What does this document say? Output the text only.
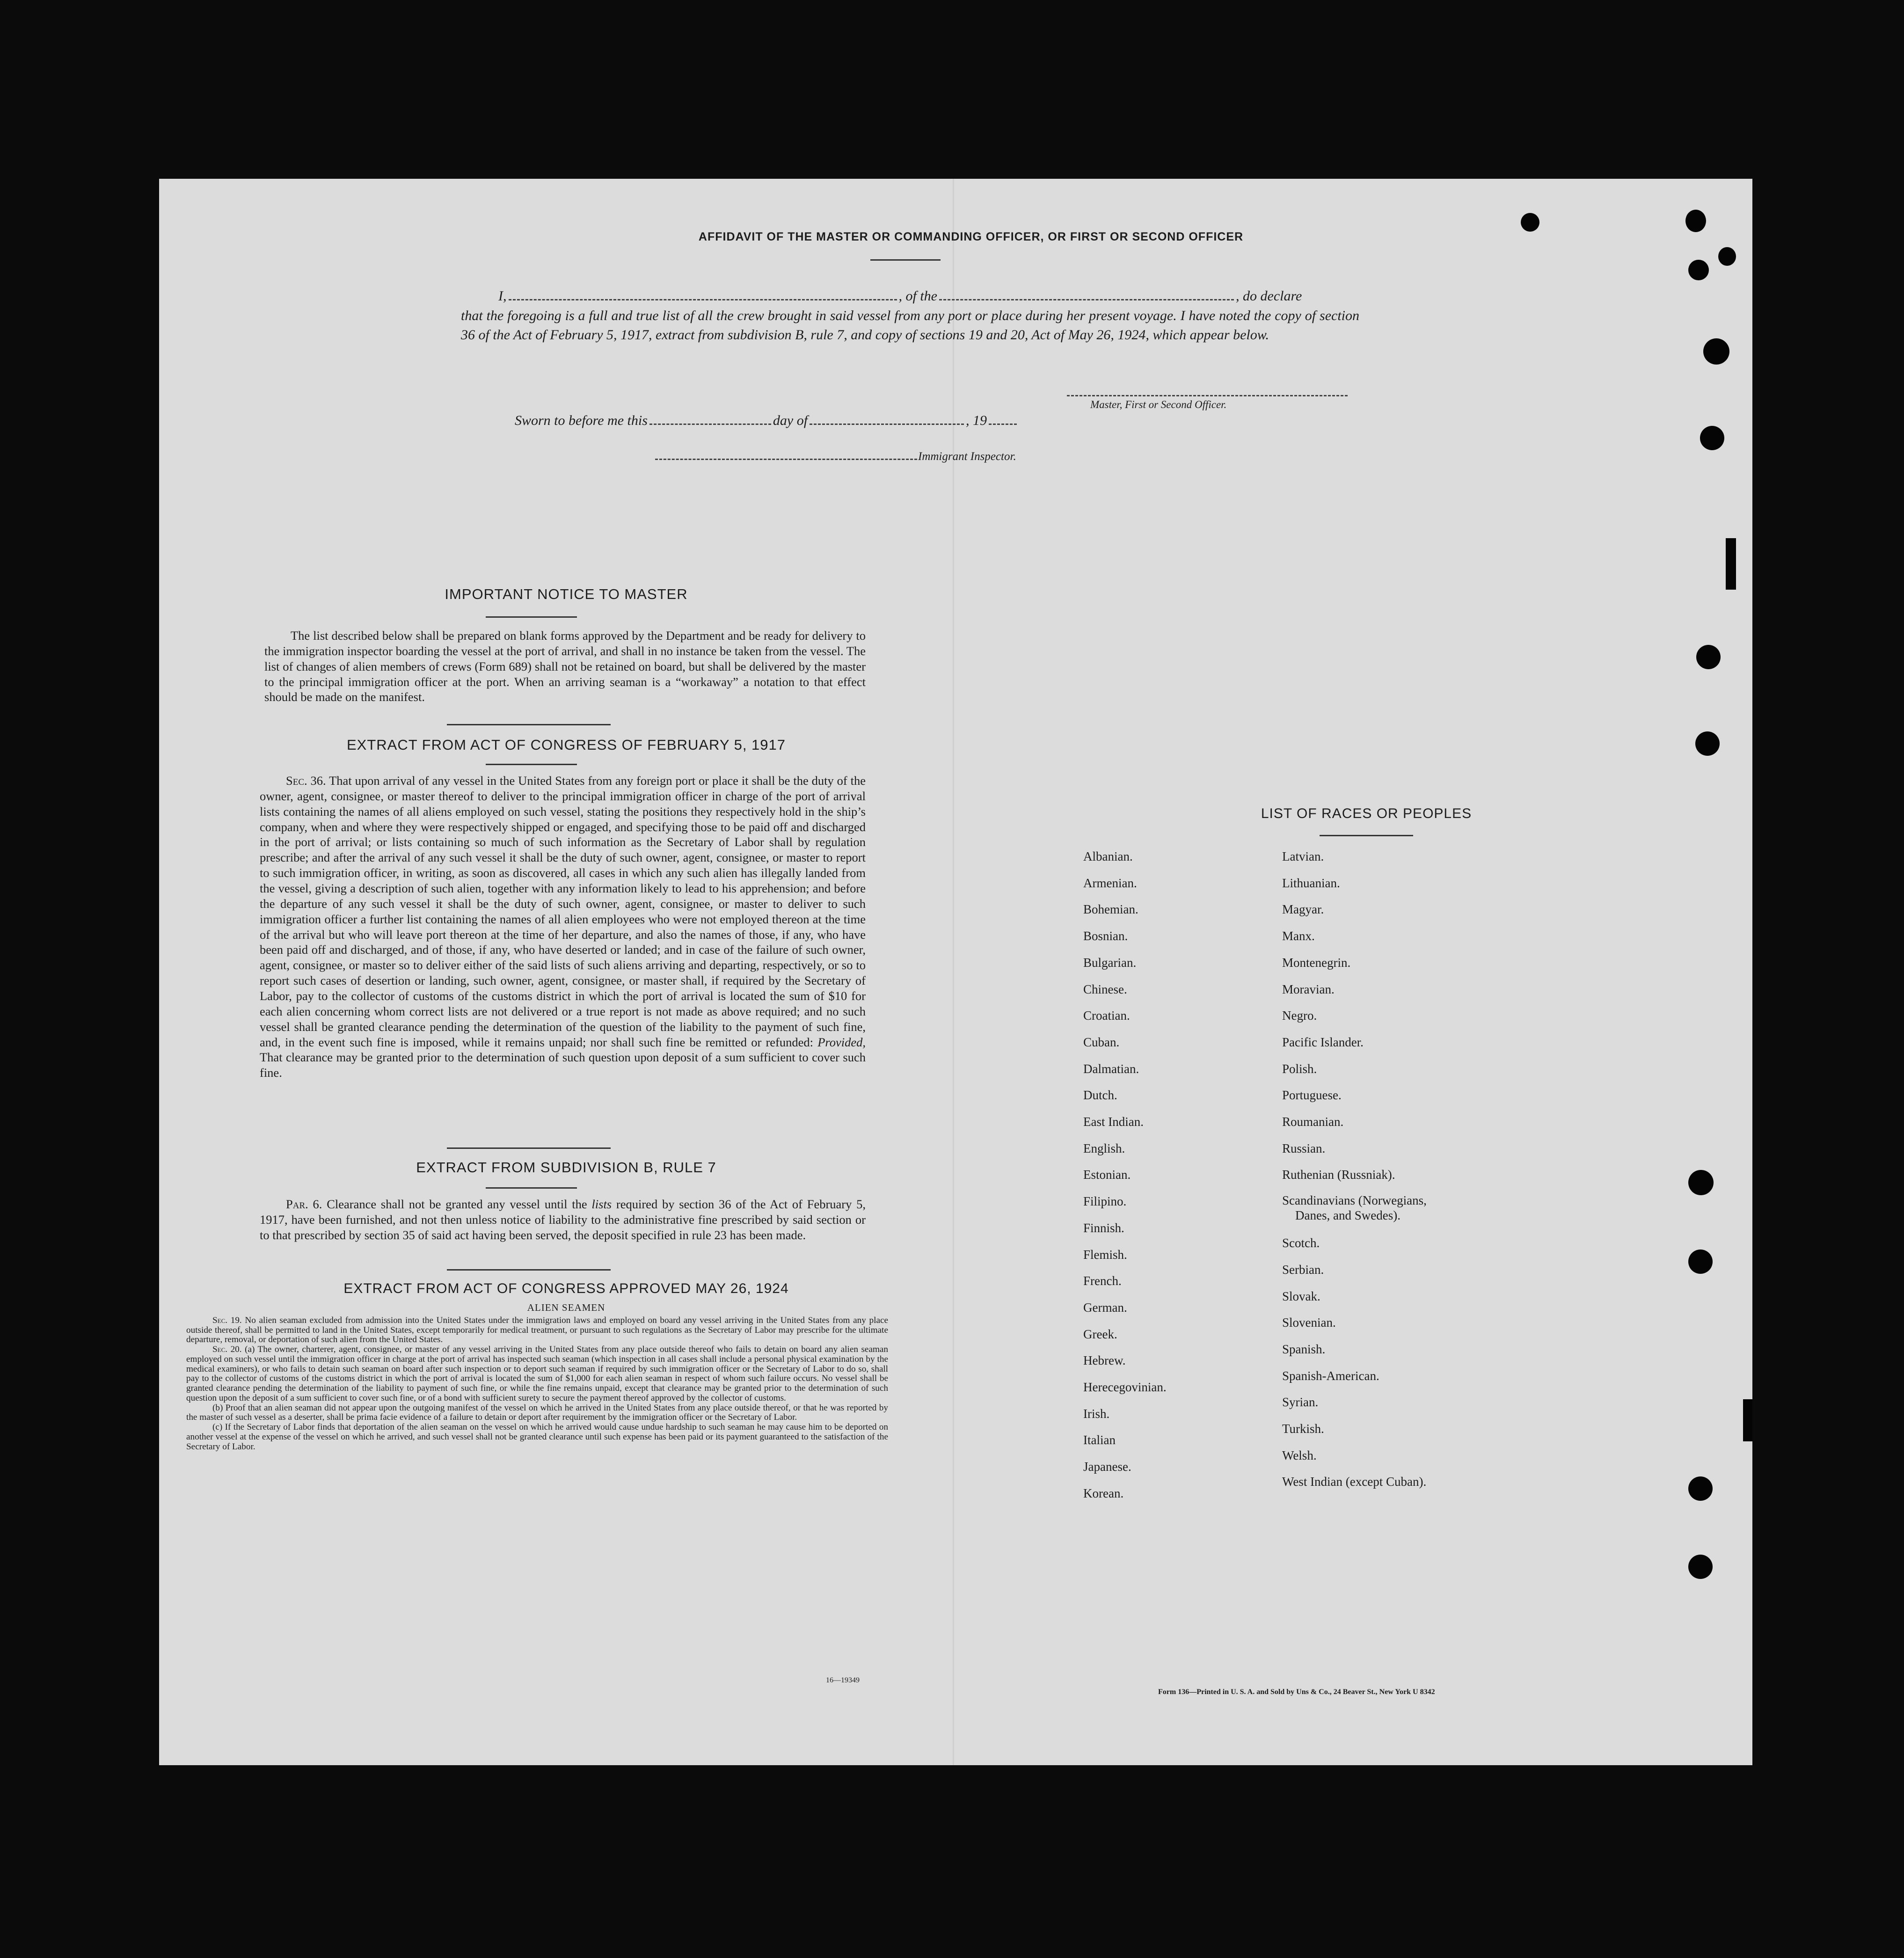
AFFIDAVIT OF THE MASTER OR COMMANDING OFFICER, OR FIRST OR SECOND OFFICER
I,	, of the	, do declare
that the foregoing is a full and true list of all the crew brought in said vessel from any port or place during her present voyage. I have noted the copy of section 36 of the Act of February 5, 1917, extract from subdivision B, rule 7, and copy of sections 19 and 20, Act of May 26, 1924, which appear below.
Master, First or Second Officer.
Sworn to before me this	day of	, 19
Immigrant Inspector.
IMPORTANT NOTICE TO MASTER
The list described below shall be prepared on blank forms approved by the Department and be ready for delivery to the immigration inspector boarding the vessel at the port of arrival, and shall in no instance be taken from the vessel. The list of changes of alien members of crews (Form 689) shall not be retained on board, but shall be delivered by the master to the principal immigration officer at the port. When an arriving seaman is a “workaway” a notation to that effect should be made on the manifest.
EXTRACT FROM ACT OF CONGRESS OF FEBRUARY 5, 1917
Sec. 36. That upon arrival of any vessel in the United States from any foreign port or place it shall be the duty of the owner, agent, consignee, or master thereof to deliver to the principal immigration officer in charge of the port of arrival lists containing the names of all aliens employed on such vessel, stating the positions they respectively hold in the ship’s company, when and where they were respectively shipped or engaged, and specifying those to be paid off and discharged in the port of arrival; or lists containing so much of such information as the Secretary of Labor shall by regulation prescribe; and after the arrival of any such vessel it shall be the duty of such owner, agent, consignee, or master to report to such immigration officer, in writing, as soon as discovered, all cases in which any such alien has illegally landed from the vessel, giving a description of such alien, together with any information likely to lead to his apprehension; and before the departure of any such vessel it shall be the duty of such owner, agent, consignee, or master to deliver to such immigration officer a further list containing the names of all alien employees who were not employed thereon at the time of the arrival but who will leave port thereon at the time of her departure, and also the names of those, if any, who have been paid off and discharged, and of those, if any, who have deserted or landed; and in case of the failure of such owner, agent, consignee, or master so to deliver either of the said lists of such aliens arriving and departing, respectively, or so to report such cases of desertion or landing, such owner, agent, consignee, or master shall, if required by the Secretary of Labor, pay to the collector of customs of the customs district in which the port of arrival is located the sum of $10 for each alien concerning whom correct lists are not delivered or a true report is not made as above required; and no such vessel shall be granted clearance pending the determination of the question of the liability to the payment of such fine, and, in the event such fine is imposed, while it remains unpaid; nor shall such fine be remitted or refunded: Provided, That clearance may be granted prior to the determination of such question upon deposit of a sum sufficient to cover such fine.
EXTRACT FROM SUBDIVISION B, RULE 7
Par. 6. Clearance shall not be granted any vessel until the lists required by section 36 of the Act of February 5, 1917, have been furnished, and not then unless notice of liability to the administrative fine prescribed by said section or to that prescribed by section 35 of said act having been served, the deposit specified in rule 23 has been made.
EXTRACT FROM ACT OF CONGRESS APPROVED MAY 26, 1924
ALIEN SEAMEN
Sec. 19. No alien seaman excluded from admission into the United States under the immigration laws and employed on board any vessel arriving in the United States from any place outside thereof, shall be permitted to land in the United States, except temporarily for medical treatment, or pursuant to such regulations as the Secretary of Labor may prescribe for the ultimate departure, removal, or deportation of such alien from the United States.
Sec. 20. (a) The owner, charterer, agent, consignee, or master of any vessel arriving in the United States from any place outside thereof who fails to detain on board any alien seaman employed on such vessel until the immigration officer in charge at the port of arrival has inspected such seaman (which inspection in all cases shall include a personal physical examination by the medical examiners), or who fails to detain such seaman on board after such inspection or to deport such seaman if required by such immigration officer or the Secretary of Labor to do so, shall pay to the collector of customs of the customs district in which the port of arrival is located the sum of $1,000 for each alien seaman in respect of whom such failure occurs. No vessel shall be granted clearance pending the determination of the liability to payment of such fine, or while the fine remains unpaid, except that clearance may be granted prior to the determination of such question upon the deposit of a sum sufficient to cover such fine, or of a bond with sufficient surety to secure the payment thereof approved by the collector of customs.
(b) Proof that an alien seaman did not appear upon the outgoing manifest of the vessel on which he arrived in the United States from any place outside thereof, or that he was reported by the master of such vessel as a deserter, shall be prima facie evidence of a failure to detain or deport after requirement by the immigration officer or the Secretary of Labor.
(c) If the Secretary of Labor finds that deportation of the alien seaman on the vessel on which he arrived would cause undue hardship to such seaman he may cause him to be deported on another vessel at the expense of the vessel on which he arrived, and such vessel shall not be granted clearance until such expense has been paid or its payment guaranteed to the satisfaction of the Secretary of Labor.
16—19349
LIST OF RACES OR PEOPLES
Albanian.
Armenian.
Bohemian.
Bosnian.
Bulgarian.
Chinese.
Croatian.
Cuban.
Dalmatian.
Dutch.
East Indian.
English.
Estonian.
Filipino.
Finnish.
Flemish.
French.
German.
Greek.
Hebrew.
Herecegovinian.
Irish.
Italian
Japanese.
Korean.
Latvian.
Lithuanian.
Magyar.
Manx.
Montenegrin.
Moravian.
Negro.
Pacific Islander.
Polish.
Portuguese.
Roumanian.
Russian.
Ruthenian (Russniak).
Scandinavians (Norwegians,
Danes, and Swedes).
Scotch.
Serbian.
Slovak.
Slovenian.
Spanish.
Spanish-American.
Syrian.
Turkish.
Welsh.
West Indian (except Cuban).
Form 136—Printed in U. S. A. and Sold by Uns & Co., 24 Beaver St., New York U 8342
